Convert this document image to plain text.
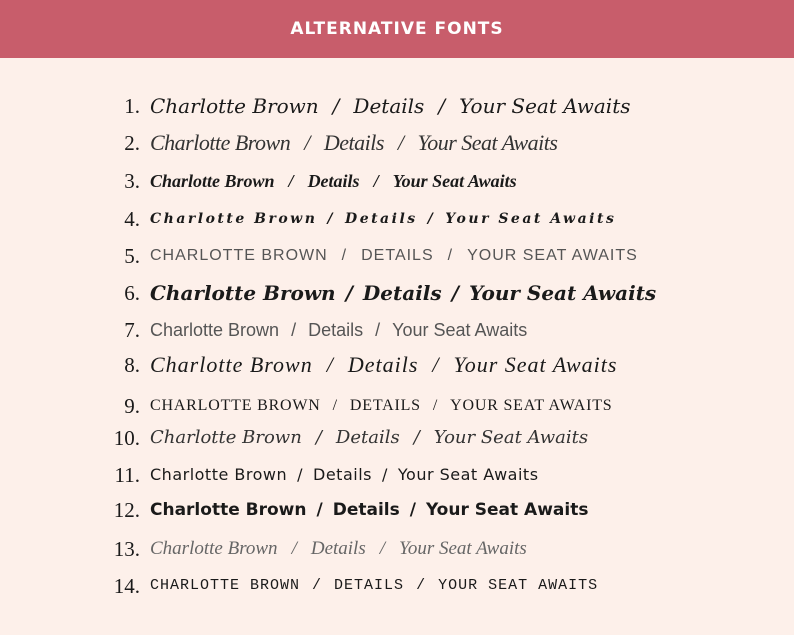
ALTERNATIVE FONTS
1. Charlotte Brown / Details / Your Seat Awaits
2. Charlotte Brown / Details / Your Seat Awaits
3. Charlotte Brown / Details / Your Seat Awaits
4. Charlotte Brown / Details / Your Seat Awaits
5. CHARLOTTE BROWN / DETAILS / YOUR SEAT AWAITS
6. Charlotte Brown / Details / Your Seat Awaits
7. Charlotte Brown / Details / Your Seat Awaits
8. Charlotte Brown / Details / Your Seat Awaits
9. CHARLOTTE BROWN / DETAILS / YOUR SEAT AWAITS
10. Charlotte Brown / Details / Your Seat Awaits
11. Charlotte Brown / Details / Your Seat Awaits
12. Charlotte Brown / Details / Your Seat Awaits
13. Charlotte Brown / Details / Your Seat Awaits
14. CHARLOTTE BROWN / DETAILS / YOUR SEAT AWAITS
